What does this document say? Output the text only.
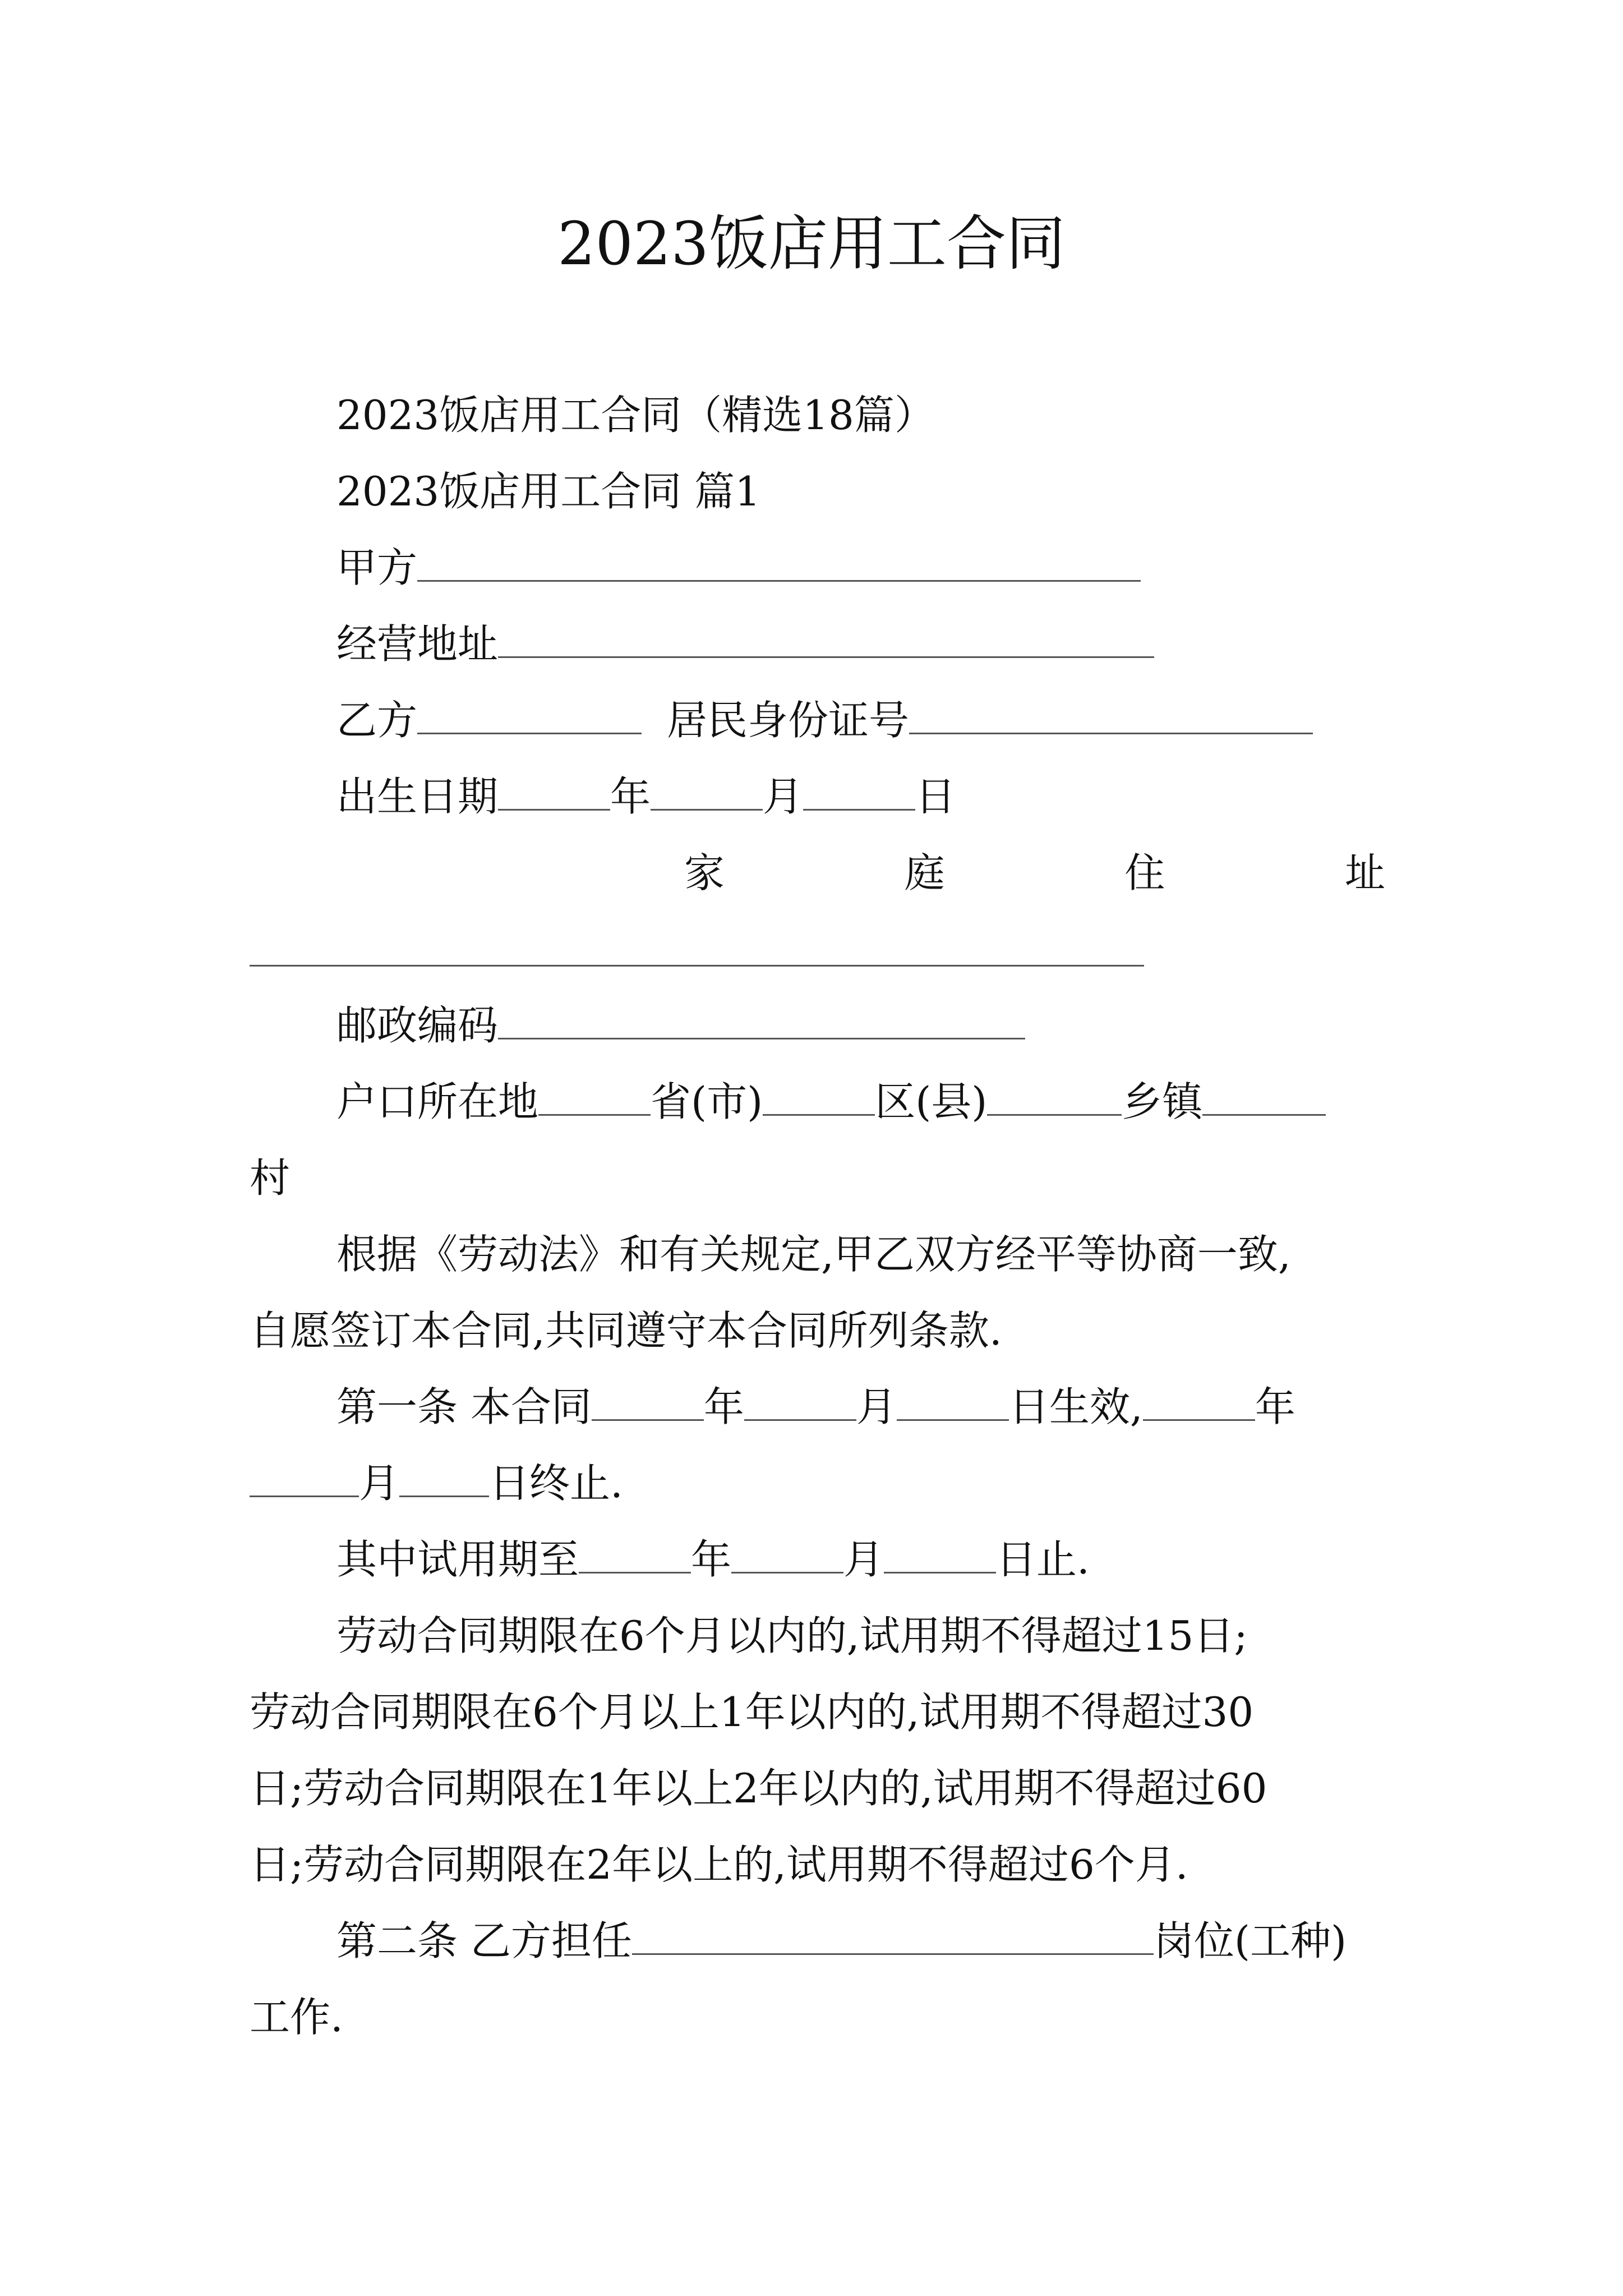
2023饭店用工合同
2023饭店用工合同（精选18篇）
2023饭店用工合同 篇1
甲方
经营地址
乙方	居民身份证号
出生日期	年	月	日
家	庭	住	址
邮政编码
户口所在地	省(市)	区(县)	乡镇
村
根据《劳动法》和有关规定,甲乙双方经平等协商一致,
自愿签订本合同,共同遵守本合同所列条款.
第一条 本合同	年	月	日生效,	年
月 日终止.
其中试用期至	年	月	日止.
劳动合同期限在6个月以内的,试用期不得超过15日;
劳动合同期限在6个月以上1年以内的,试用期不得超过30
日;劳动合同期限在1年以上2年以内的,试用期不得超过60
日;劳动合同期限在2年以上的,试用期不得超过6个月.
第二条 乙方担任	岗位(工种)
工作.
